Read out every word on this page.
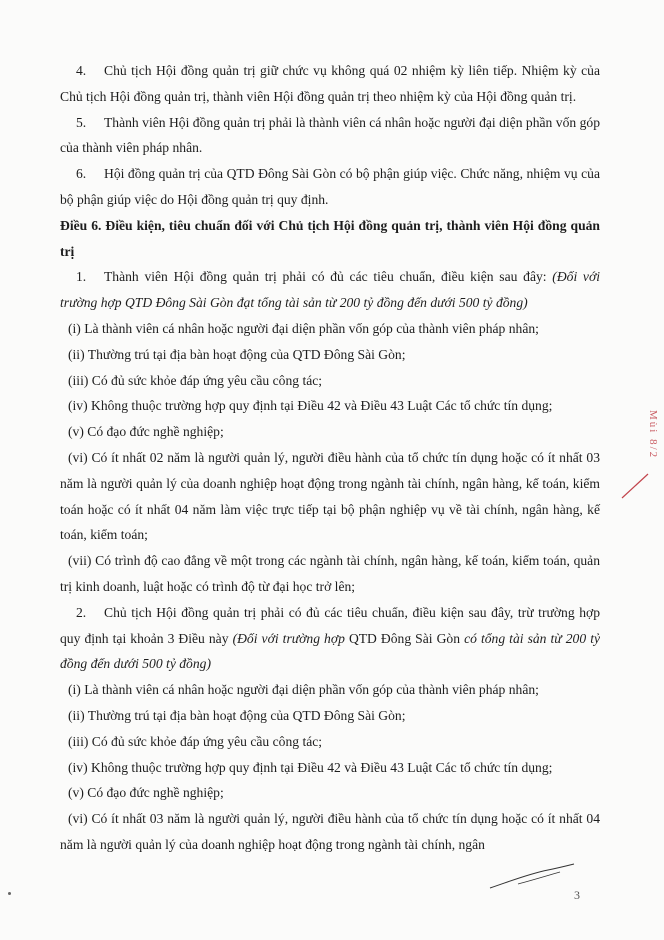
4. Chủ tịch Hội đồng quản trị giữ chức vụ không quá 02 nhiệm kỳ liên tiếp. Nhiệm kỳ của Chủ tịch Hội đồng quản trị, thành viên Hội đồng quản trị theo nhiệm kỳ của Hội đồng quản trị.

5. Thành viên Hội đồng quản trị phải là thành viên cá nhân hoặc người đại diện phần vốn góp của thành viên pháp nhân.

6. Hội đồng quản trị của QTD Đông Sài Gòn có bộ phận giúp việc. Chức năng, nhiệm vụ của bộ phận giúp việc do Hội đồng quản trị quy định.

Điều 6. Điều kiện, tiêu chuẩn đối với Chủ tịch Hội đồng quản trị, thành viên Hội đồng quản trị

1. Thành viên Hội đồng quản trị phải có đủ các tiêu chuẩn, điều kiện sau đây: (Đối với trường hợp QTD Đông Sài Gòn đạt tổng tài sản từ 200 tỷ đồng đến dưới 500 tỷ đồng)

(i) Là thành viên cá nhân hoặc người đại diện phần vốn góp của thành viên pháp nhân;

(ii) Thường trú tại địa bàn hoạt động của QTD Đông Sài Gòn;

(iii) Có đủ sức khỏe đáp ứng yêu cầu công tác;

(iv) Không thuộc trường hợp quy định tại Điều 42 và Điều 43 Luật Các tổ chức tín dụng;

(v) Có đạo đức nghề nghiệp;

(vi) Có ít nhất 02 năm là người quản lý, người điều hành của tổ chức tín dụng hoặc có ít nhất 03 năm là người quản lý của doanh nghiệp hoạt động trong ngành tài chính, ngân hàng, kế toán, kiểm toán hoặc có ít nhất 04 năm làm việc trực tiếp tại bộ phận nghiệp vụ về tài chính, ngân hàng, kế toán, kiểm toán;

(vii) Có trình độ cao đẳng về một trong các ngành tài chính, ngân hàng, kế toán, kiểm toán, quản trị kinh doanh, luật hoặc có trình độ từ đại học trở lên;

2. Chủ tịch Hội đồng quản trị phải có đủ các tiêu chuẩn, điều kiện sau đây, trừ trường hợp quy định tại khoản 3 Điều này (Đối với trường hợp QTD Đông Sài Gòn có tổng tài sản từ 200 tỷ đồng đến dưới 500 tỷ đồng)

(i) Là thành viên cá nhân hoặc người đại diện phần vốn góp của thành viên pháp nhân;

(ii) Thường trú tại địa bàn hoạt động của QTD Đông Sài Gòn;

(iii) Có đủ sức khỏe đáp ứng yêu cầu công tác;

(iv) Không thuộc trường hợp quy định tại Điều 42 và Điều 43 Luật Các tổ chức tín dụng;

(v) Có đạo đức nghề nghiệp;

(vi) Có ít nhất 03 năm là người quản lý, người điều hành của tổ chức tín dụng hoặc có ít nhất 04 năm là người quản lý của doanh nghiệp hoạt động trong ngành tài chính, ngân

Mùi 8/2
3
